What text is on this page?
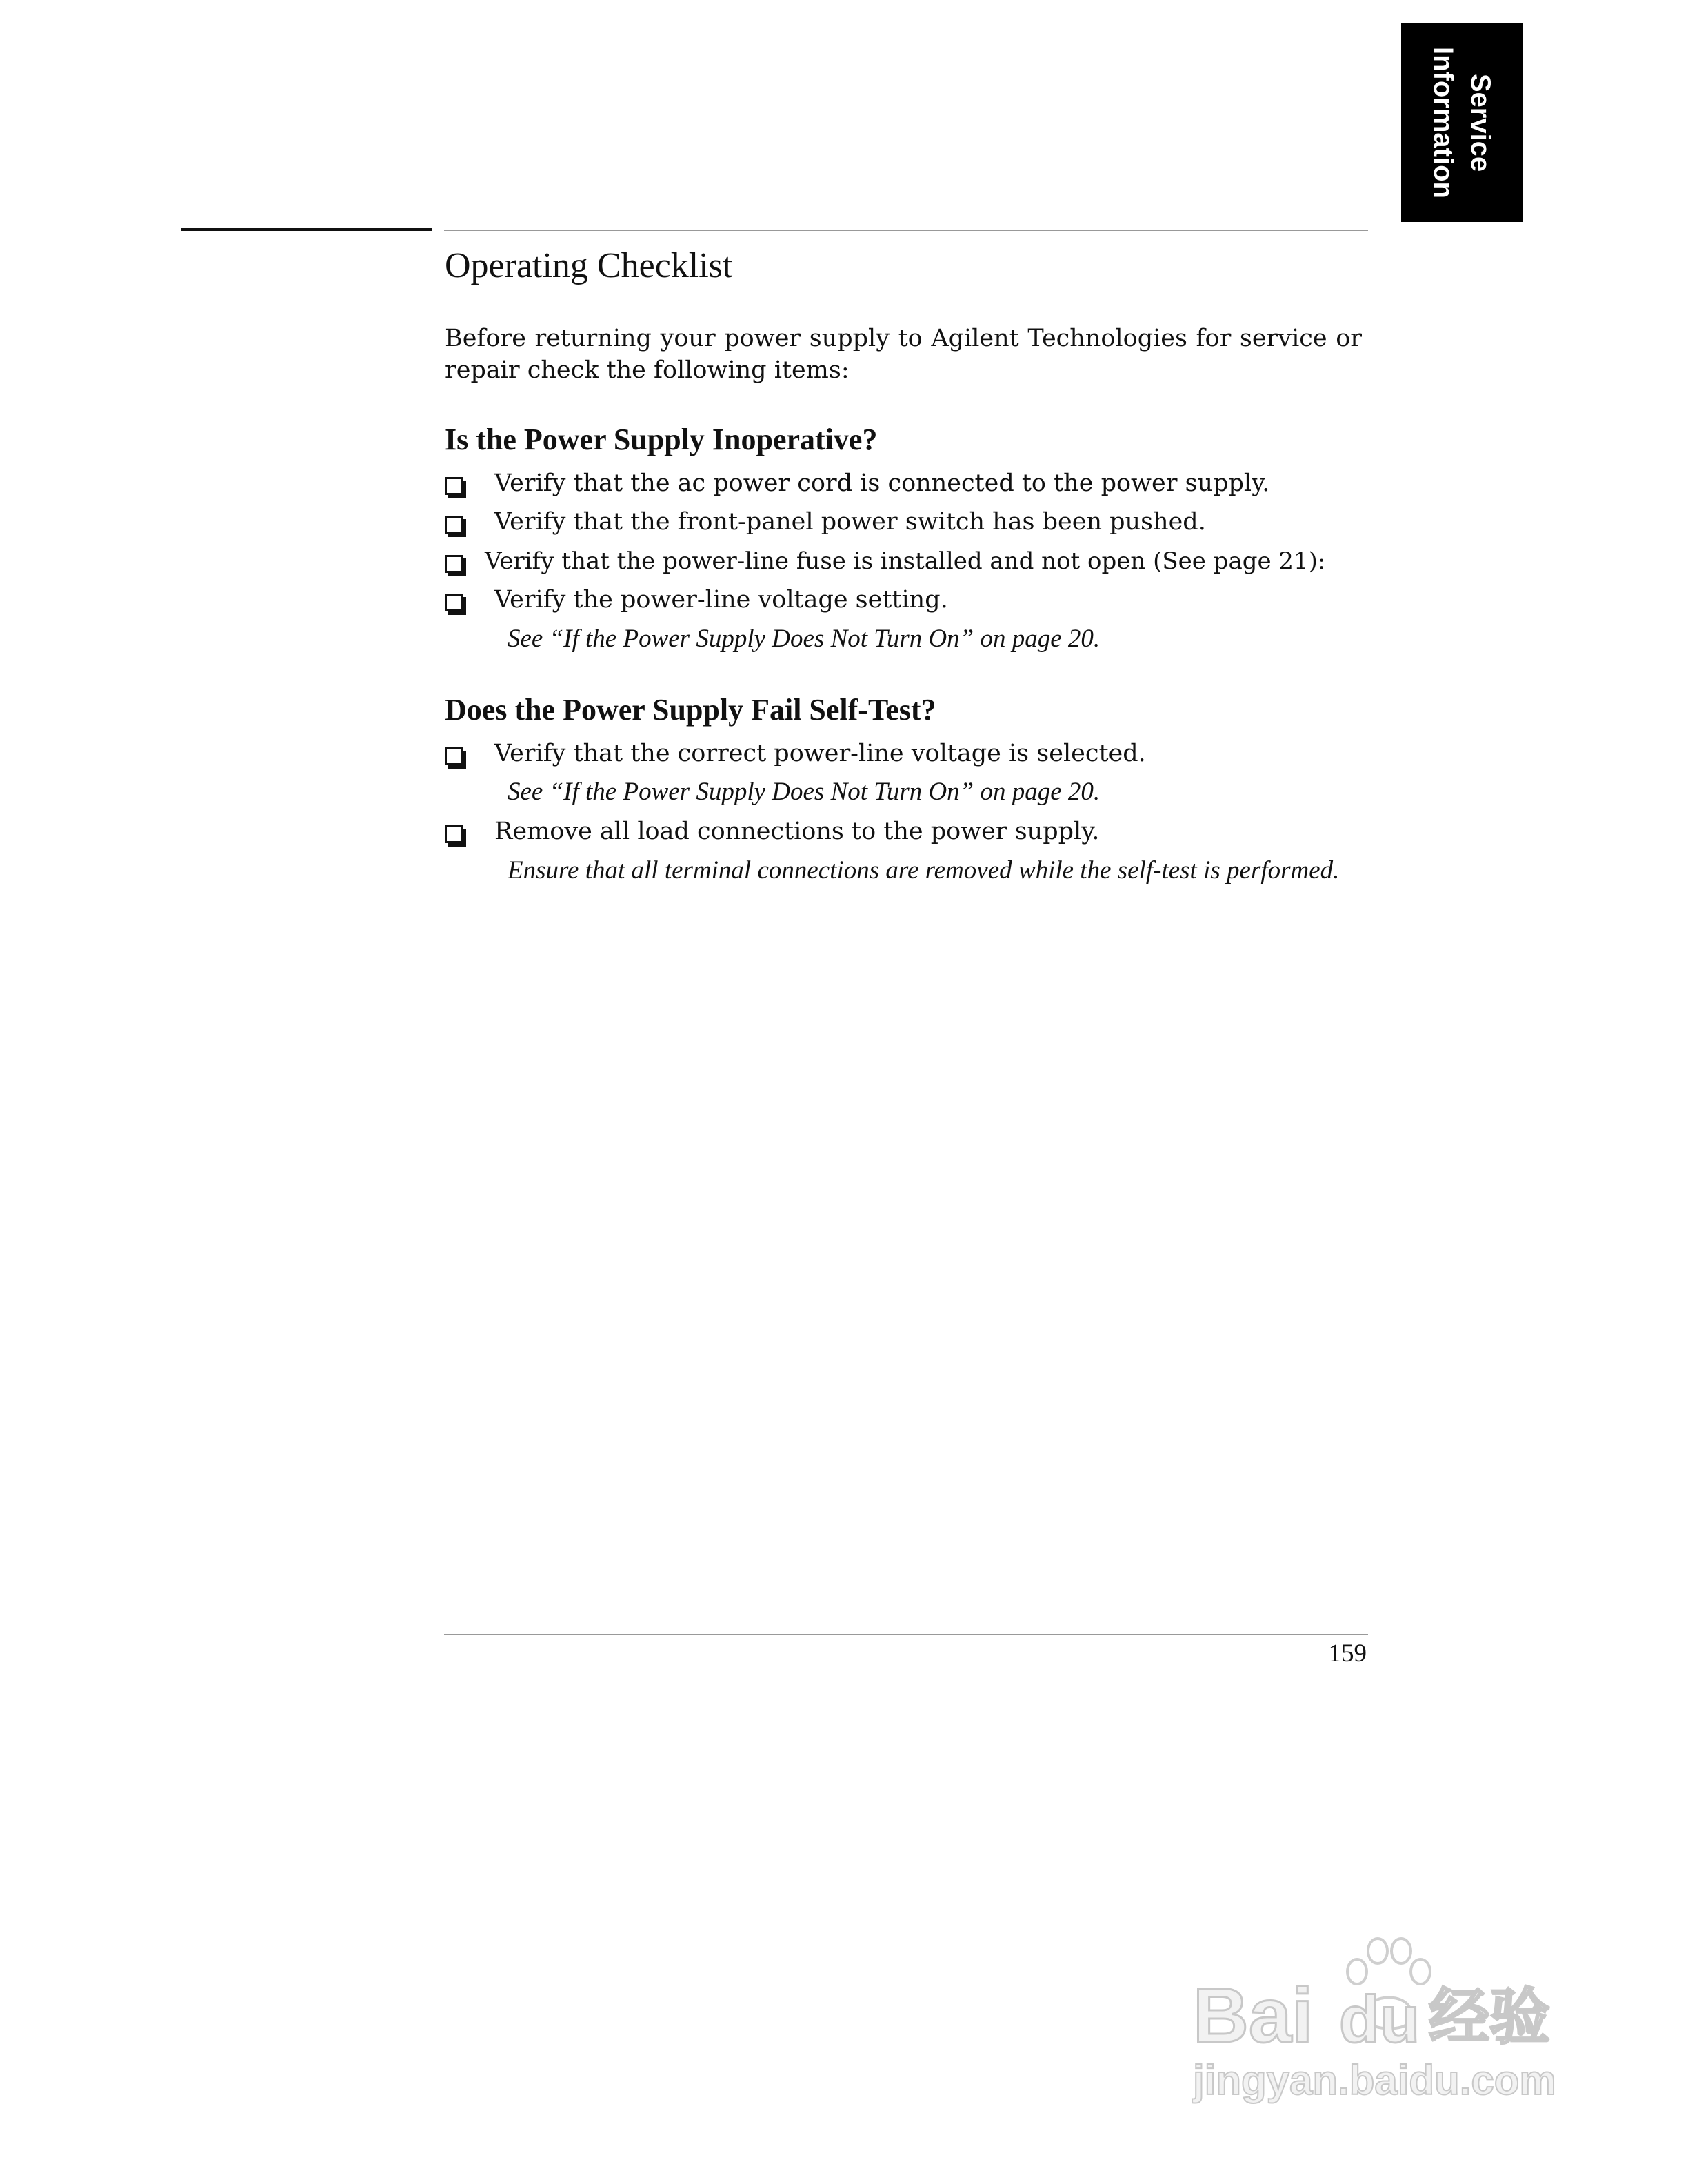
Service
Information
Operating Checklist

Before returning your power supply to Agilent Technologies for service or repair check the following items:

Is the Power Supply Inoperative?
Verify that the ac power cord is connected to the power supply.
Verify that the front-panel power switch has been pushed.
Verify that the power-line fuse is installed and not open (See page 21):
Verify the power-line voltage setting.

See “If the Power Supply Does Not Turn On” on page 20.

Does the Power Supply Fail Self-Test?
Verify that the correct power-line voltage is selected.

See “If the Power Supply Does Not Turn On” on page 20.

Remove all load connections to the power supply.

Ensure that all terminal connections are removed while the self-test is performed.

159
Bai du 经验
jingyan.baidu.com
